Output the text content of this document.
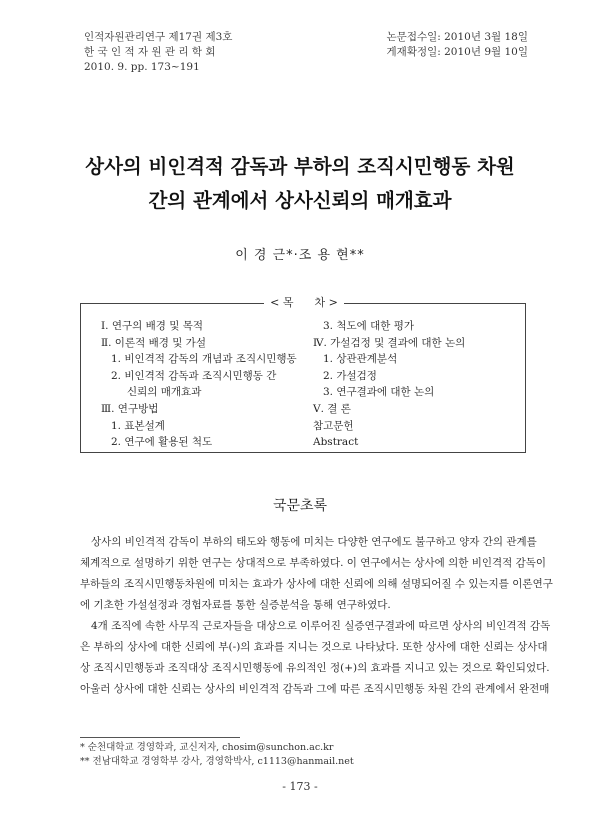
인적자원관리연구 제17권 제3호
한 국 인 적 자 원 관 리 학 회
2010. 9. pp. 173~191
논문접수일: 2010년 3월 18일
게재확정일: 2010년 9월 10일
상사의 비인격적 감독과 부하의 조직시민행동 차원
간의 관계에서 상사신뢰의 매개효과
이 경 근*·조 용 현**
< 목      차 >
Ⅰ. 연구의 배경 및 목적
Ⅱ. 이론적 배경 및 가설
1. 비인격적 감독의 개념과 조직시민행동
2. 비인격적 감독과 조직시민행동 간
신뢰의 매개효과
Ⅲ. 연구방법
1. 표본설계
2. 연구에 활용된 척도
3. 척도에 대한 평가
Ⅳ. 가설검정 및 결과에 대한 논의
1. 상관관계분석
2. 가설검정
3. 연구결과에 대한 논의
Ⅴ. 결 론
참고문헌
Abstract
국문초록
상사의 비인격적 감독이 부하의 태도와 행동에 미치는 다양한 연구에도 불구하고 양자 간의 관계를
체계적으로 설명하기 위한 연구는 상대적으로 부족하였다. 이 연구에서는 상사에 의한 비인격적 감독이
부하들의 조직시민행동차원에 미치는 효과가 상사에 대한 신뢰에 의해 설명되어질 수 있는지를 이론연구
에 기초한 가설설정과 경험자료를 통한 실증분석을 통해 연구하였다.
4개 조직에 속한 사무직 근로자들을 대상으로 이루어진 실증연구결과에 따르면 상사의 비인격적 감독
은 부하의 상사에 대한 신뢰에 부(-)의 효과를 지니는 것으로 나타났다. 또한 상사에 대한 신뢰는 상사대
상 조직시민행동과 조직대상 조직시민행동에 유의적인 정(+)의 효과를 지니고 있는 것으로 확인되었다.
아울러 상사에 대한 신뢰는 상사의 비인격적 감독과 그에 따른 조직시민행동 차원 간의 관계에서 완전매
* 순천대학교 경영학과, 교신저자, chosim@sunchon.ac.kr
** 전남대학교 경영학부 강사, 경영학박사, c1113@hanmail.net
- 173 -
